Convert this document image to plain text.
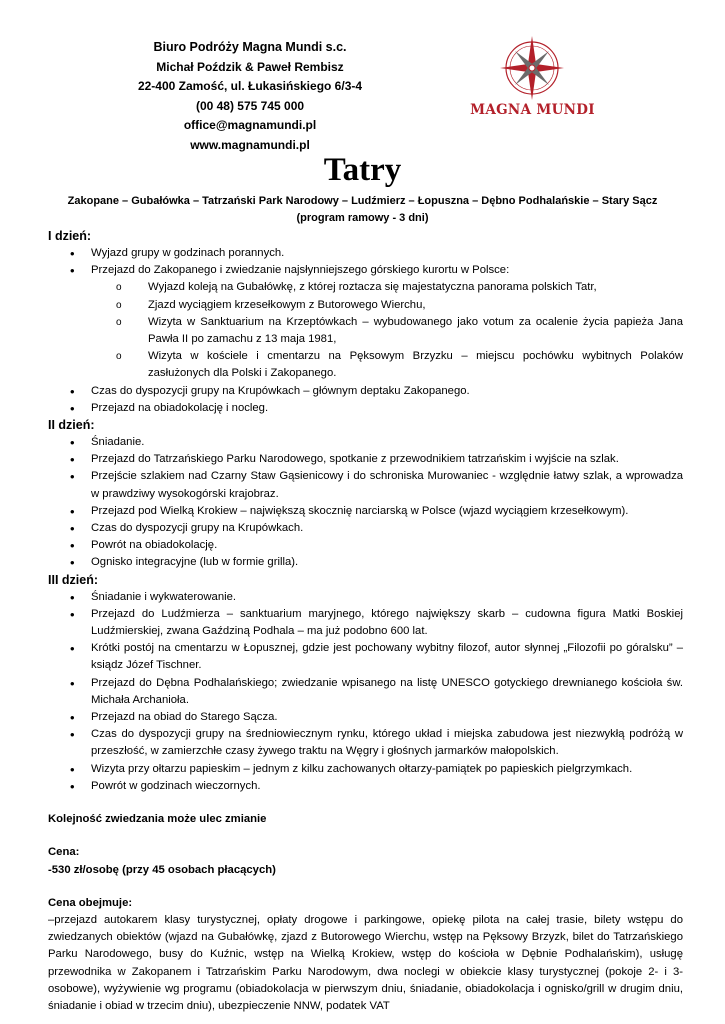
Biuro Podróży Magna Mundi s.c.
Michał Poździk & Paweł Rembisz
22-400 Zamość, ul. Łukasińskiego 6/3-4
(00 48) 575 745 000
office@magnamundi.pl
www.magnamundi.pl
MAGNA MUNDI
Tatry
Zakopane – Gubałówka – Tatrzański Park Narodowy – Ludźmierz – Łopuszna – Dębno Podhalańskie – Stary Sącz
(program ramowy - 3 dni)
I dzień:
• Wyjazd grupy w godzinach porannych.
• Przejazd do Zakopanego i zwiedzanie najsłynniejszego górskiego kurortu w Polsce:
o Wyjazd koleją na Gubałówkę, z której roztacza się majestatyczna panorama polskich Tatr,
o Zjazd wyciągiem krzesełkowym z Butorowego Wierchu,
o Wizyta w Sanktuarium na Krzeptówkach – wybudowanego jako votum za ocalenie życia papieża Jana Pawła II po zamachu z 13 maja 1981,
o Wizyta w kościele i cmentarzu na Pęksowym Brzyzku – miejscu pochówku wybitnych Polaków zasłużonych dla Polski i Zakopanego.
• Czas do dyspozycji grupy na Krupówkach – głównym deptaku Zakopanego.
• Przejazd na obiadokolację i nocleg.
II dzień:
• Śniadanie.
• Przejazd do Tatrzańskiego Parku Narodowego, spotkanie z przewodnikiem tatrzańskim i wyjście na szlak.
• Przejście szlakiem nad Czarny Staw Gąsienicowy i do schroniska Murowaniec - względnie łatwy szlak, a wprowadza w prawdziwy wysokogórski krajobraz.
• Przejazd pod Wielką Krokiew – największą skocznię narciarską w Polsce (wjazd wyciągiem krzesełkowym).
• Czas do dyspozycji grupy na Krupówkach.
• Powrót na obiadokolację.
• Ognisko integracyjne (lub w formie grilla).
III dzień:
• Śniadanie i wykwaterowanie.
• Przejazd do Ludźmierza – sanktuarium maryjnego, którego największy skarb – cudowna figura Matki Boskiej Ludźmierskiej, zwana Gaździną Podhala – ma już podobno 600 lat.
• Krótki postój na cmentarzu w Łopusznej, gdzie jest pochowany wybitny filozof, autor słynnej „Filozofii po góralsku” – ksiądz Józef Tischner.
• Przejazd do Dębna Podhalańskiego; zwiedzanie wpisanego na listę UNESCO gotyckiego drewnianego kościoła św. Michała Archanioła.
• Przejazd na obiad do Starego Sącza.
• Czas do dyspozycji grupy na średniowiecznym rynku, którego układ i miejska zabudowa jest niezwykłą podróżą w przeszłość, w zamierzchłe czasy żywego traktu na Węgry i głośnych jarmarków małopolskich.
• Wizyta przy ołtarzu papieskim – jednym z kilku zachowanych ołtarzy-pamiątek po papieskich pielgrzymkach.
• Powrót w godzinach wieczornych.
Kolejność zwiedzania może ulec zmianie
Cena:
-530 zł/osobę (przy 45 osobach płacących)
Cena obejmuje:

–przejazd autokarem klasy turystycznej, opłaty drogowe i parkingowe, opiekę pilota na całej trasie, bilety wstępu do zwiedzanych obiektów (wjazd na Gubałówkę, zjazd z Butorowego Wierchu, wstęp na Pęksowy Brzyzk, bilet do Tatrzańskiego Parku Narodowego, busy do Kuźnic, wstęp na Wielką Krokiew, wstęp do kościoła w Dębnie Podhalańskim), usługę przewodnika w Zakopanem i Tatrzańskim Parku Narodowym, dwa noclegi w obiekcie klasy turystycznej (pokoje 2- i 3-osobowe), wyżywienie wg programu (obiadokolacja w pierwszym dniu, śniadanie, obiadokolacja i ognisko/grill w drugim dniu, śniadanie i obiad w trzecim dniu), ubezpieczenie NNW, podatek VAT
